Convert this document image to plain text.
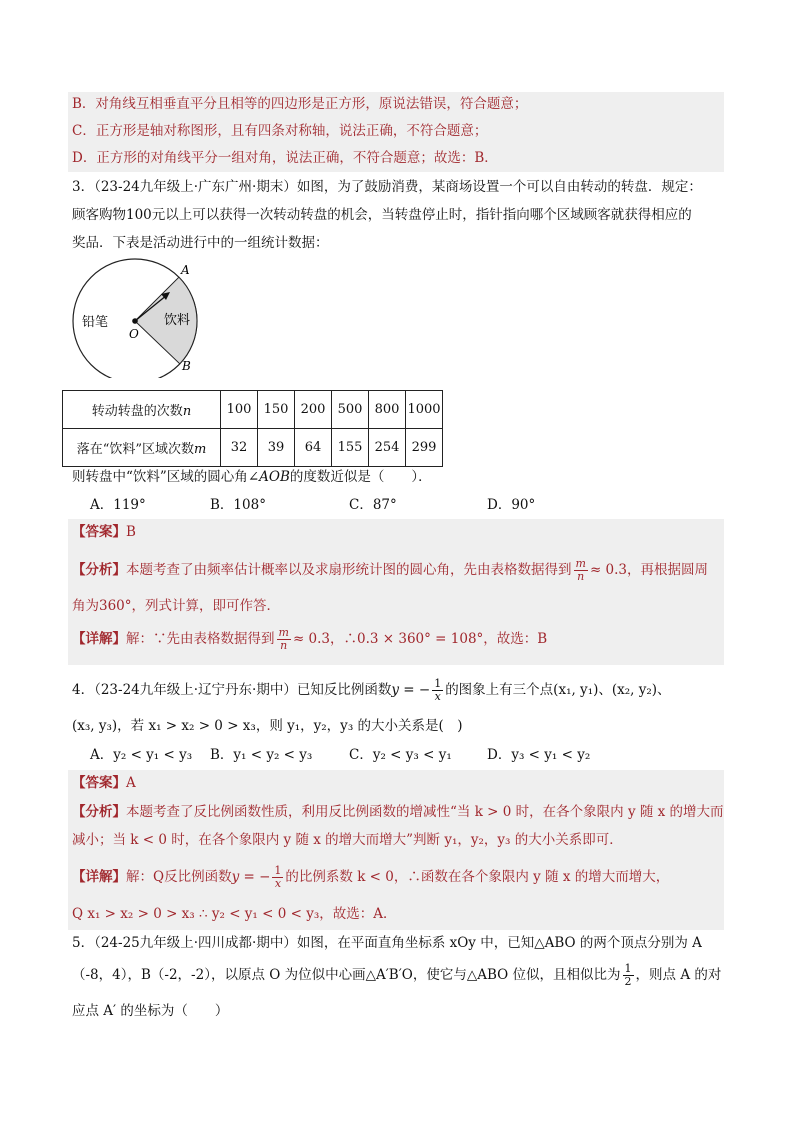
B．对角线互相垂直平分且相等的四边形是正方形，原说法错误，符合题意；
C．正方形是轴对称图形，且有四条对称轴，说法正确，不符合题意；
D．正方形的对角线平分一组对角，说法正确，不符合题意；故选：B．
3．（23-24九年级上·广东广州·期末）如图，为了鼓励消费，某商场设置一个可以自由转动的转盘．规定：
顾客购物100元以上可以获得一次转动转盘的机会，当转盘停止时，指针指向哪个区域顾客就获得相应的
奖品．下表是活动进行中的一组统计数据：
铅笔	饮料
O
A
B
转动转盘的次数n	100	150	200	500	800	1000
落在“饮料”区域次数m	32	39	64	155	254	299
则转盘中“饮料”区域的圆心角∠AOB的度数近似是（　　）．
A．119°	B．108°	C．87°	D．90°
【答案】B
【分析】本题考查了由频率估计概率以及求扇形统计图的圆心角，先由表格数据得到 $\frac{m}{n} \approx 0.3$，再根据圆周
角为360°，列式计算，即可作答．
【详解】解：∵先由表格数据得到 $\frac{m}{n} \approx 0.3$，∴0.3 × 360° = 108°，故选：B
4．（23-24九年级上·辽宁丹东·期中）已知反比例函数y = − $\frac{1}{x}$ 的图象上有三个点(x₁, y₁)、(x₂, y₂)、
(x₃, y₃)，若 x₁ > x₂ > 0 > x₃，则 y₁，y₂，y₃ 的大小关系是(　)
A．y₂ < y₁ < y₃ B．y₁ < y₂ < y₃	C．y₂ < y₃ < y₁	D．y₃ < y₁ < y₂
【答案】A
【分析】本题考查了反比例函数性质，利用反比例函数的增减性“当 k > 0 时，在各个象限内 y 随 x 的增大而
减小；当 k < 0 时，在各个象限内 y 随 x 的增大而增大”判断 y₁，y₂，y₃ 的大小关系即可．
【详解】解：Q反比例函数y = − $\frac{1}{x}$ 的比例系数 k < 0，∴函数在各个象限内 y 随 x 的增大而增大，
Q x₁ > x₂ > 0 > x₃ ∴ y₂ < y₁ < 0 < y₃，故选：A．
5．（24-25九年级上·四川成都·期中）如图，在平面直角坐标系 xOy 中，已知△ABO 的两个顶点分别为 A
（-8，4），B（-2，-2），以原点 O 为位似中心画△A′B′O，使它与△ABO 位似，且相似比为 $\frac{1}{2}$ ，则点 A 的对
应点 A′ 的坐标为（　　）
